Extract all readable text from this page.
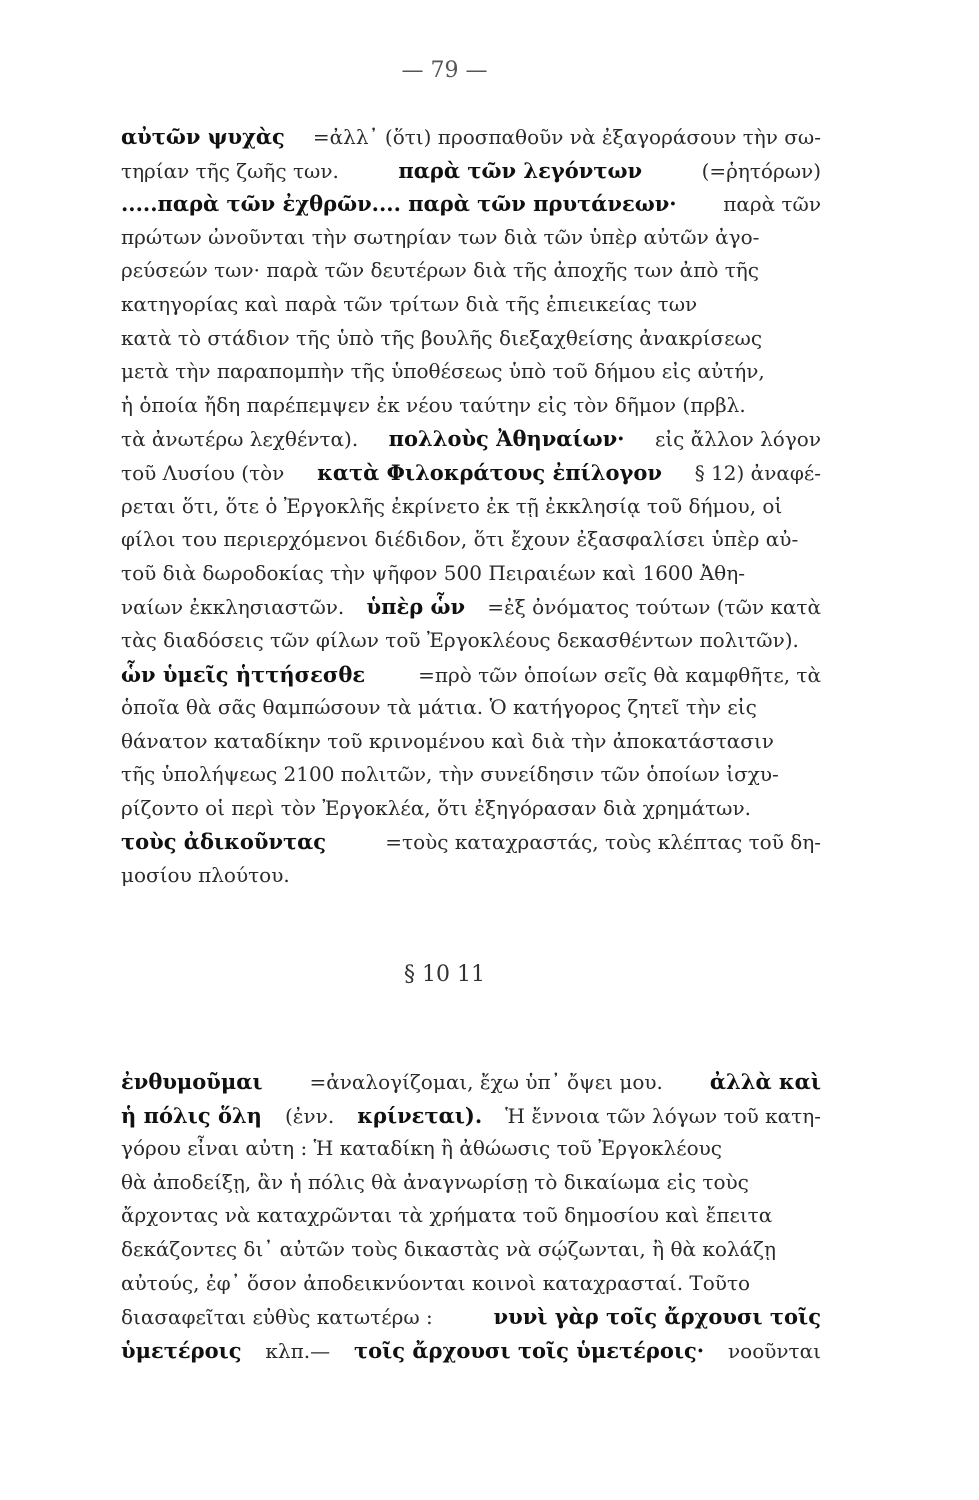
— 79 —
αὐτῶν ψυχὰς =ἀλλ᾽ (ὅτι) προσπαθοῦν νὰ ἐξαγοράσουν τὴν σω-
τηρίαν τῆς ζωῆς των.	παρὰ τῶν λεγόντων	(=ῥητόρων)
.....παρὰ τῶν ἐχθρῶν.... παρὰ τῶν πρυτάνεων· παρὰ τῶν
πρώτων ὠνοῦνται τὴν σωτηρίαν των διὰ τῶν ὑπὲρ αὐτῶν ἀγο-
ρεύσεών των· παρὰ τῶν δευτέρων διὰ τῆς ἀποχῆς των ἀπὸ τῆς
κατηγορίας καὶ παρὰ τῶν τρίτων διὰ τῆς ἐπιεικείας των
κατὰ τὸ στάδιον τῆς ὑπὸ τῆς βουλῆς διεξαχθείσης ἀνακρίσεως
μετὰ τὴν παραπομπὴν τῆς ὑποθέσεως ὑπὸ τοῦ δήμου εἰς αὐτήν,
ἡ ὁποία ἤδη παρέπεμψεν ἐκ νέου ταύτην εἰς τὸν δῆμον (πρβλ.
τὰ ἀνωτέρω λεχθέντα). πολλοὺς Ἀθηναίων· εἰς ἄλλον λόγον
τοῦ Λυσίου (τὸν κατὰ Φιλοκράτους ἐπίλογον § 12) ἀναφέ-
ρεται ὅτι, ὅτε ὁ Ἐργοκλῆς ἐκρίνετο ἐκ τῇ ἐκκλησίᾳ τοῦ δήμου, οἱ
φίλοι του περιερχόμενοι διέδιδον, ὅτι ἔχουν ἐξασφαλίσει ὑπὲρ αὐ-
τοῦ διὰ δωροδοκίας τὴν ψῆφον 500 Πειραιέων καὶ 1600 Ἀθη-
ναίων ἐκκλησιαστῶν. ὑπὲρ ὧν =ἐξ ὀνόματος τούτων (τῶν κατὰ
τὰς διαδόσεις τῶν φίλων τοῦ Ἐργοκλέους δεκασθέντων πολιτῶν).
ὧν ὑμεῖς ἡττήσεσθε	=πρὸ τῶν ὁποίων σεῖς θὰ καμφθῆτε, τὰ
ὁποῖα θὰ σᾶς θαμπώσουν τὰ μάτια. Ὁ κατήγορος ζητεῖ τὴν εἰς
θάνατον καταδίκην τοῦ κρινομένου καὶ διὰ τὴν ἀποκατάστασιν
τῆς ὑπολήψεως 2100 πολιτῶν, τὴν συνείδησιν τῶν ὁποίων ἰσχυ-
ρίζοντο οἱ περὶ τὸν Ἐργοκλέα, ὅτι ἐξηγόρασαν διὰ χρημάτων.
τοὺς ἀδικοῦντας	=τοὺς καταχραστάς, τοὺς κλέπτας τοῦ δη-
μοσίου πλούτου.
§ 10 11
ἐνθυμοῦμαι =ἀναλογίζομαι, ἔχω ὑπ᾽ ὄψει μου. ἀλλὰ καὶ
ἡ πόλις ὅλη (ἐνν. κρίνεται). Ἡ ἔννοια τῶν λόγων τοῦ κατη-
γόρου εἶναι αὐτη : Ἡ καταδίκη ἢ ἀθώωσις τοῦ Ἐργοκλέους
θὰ ἀποδείξῃ, ἂν ἡ πόλις θὰ ἀναγνωρίσῃ τὸ δικαίωμα εἰς τοὺς
ἄρχοντας νὰ καταχρῶνται τὰ χρήματα τοῦ δημοσίου καὶ ἔπειτα
δεκάζοντες δι᾽ αὐτῶν τοὺς δικαστὰς νὰ σῴζωνται, ἢ θὰ κολάζῃ
αὐτούς, ἐφ᾽ ὅσον ἀποδεικνύονται κοινοὶ καταχρασταί. Τοῦτο
διασαφεῖται εὐθὺς κατωτέρω :	νυνὶ γὰρ τοῖς ἄρχουσι τοῖς
ὑμετέροις κλπ.— τοῖς ἄρχουσι τοῖς ὑμετέροις· νοοῦνται
